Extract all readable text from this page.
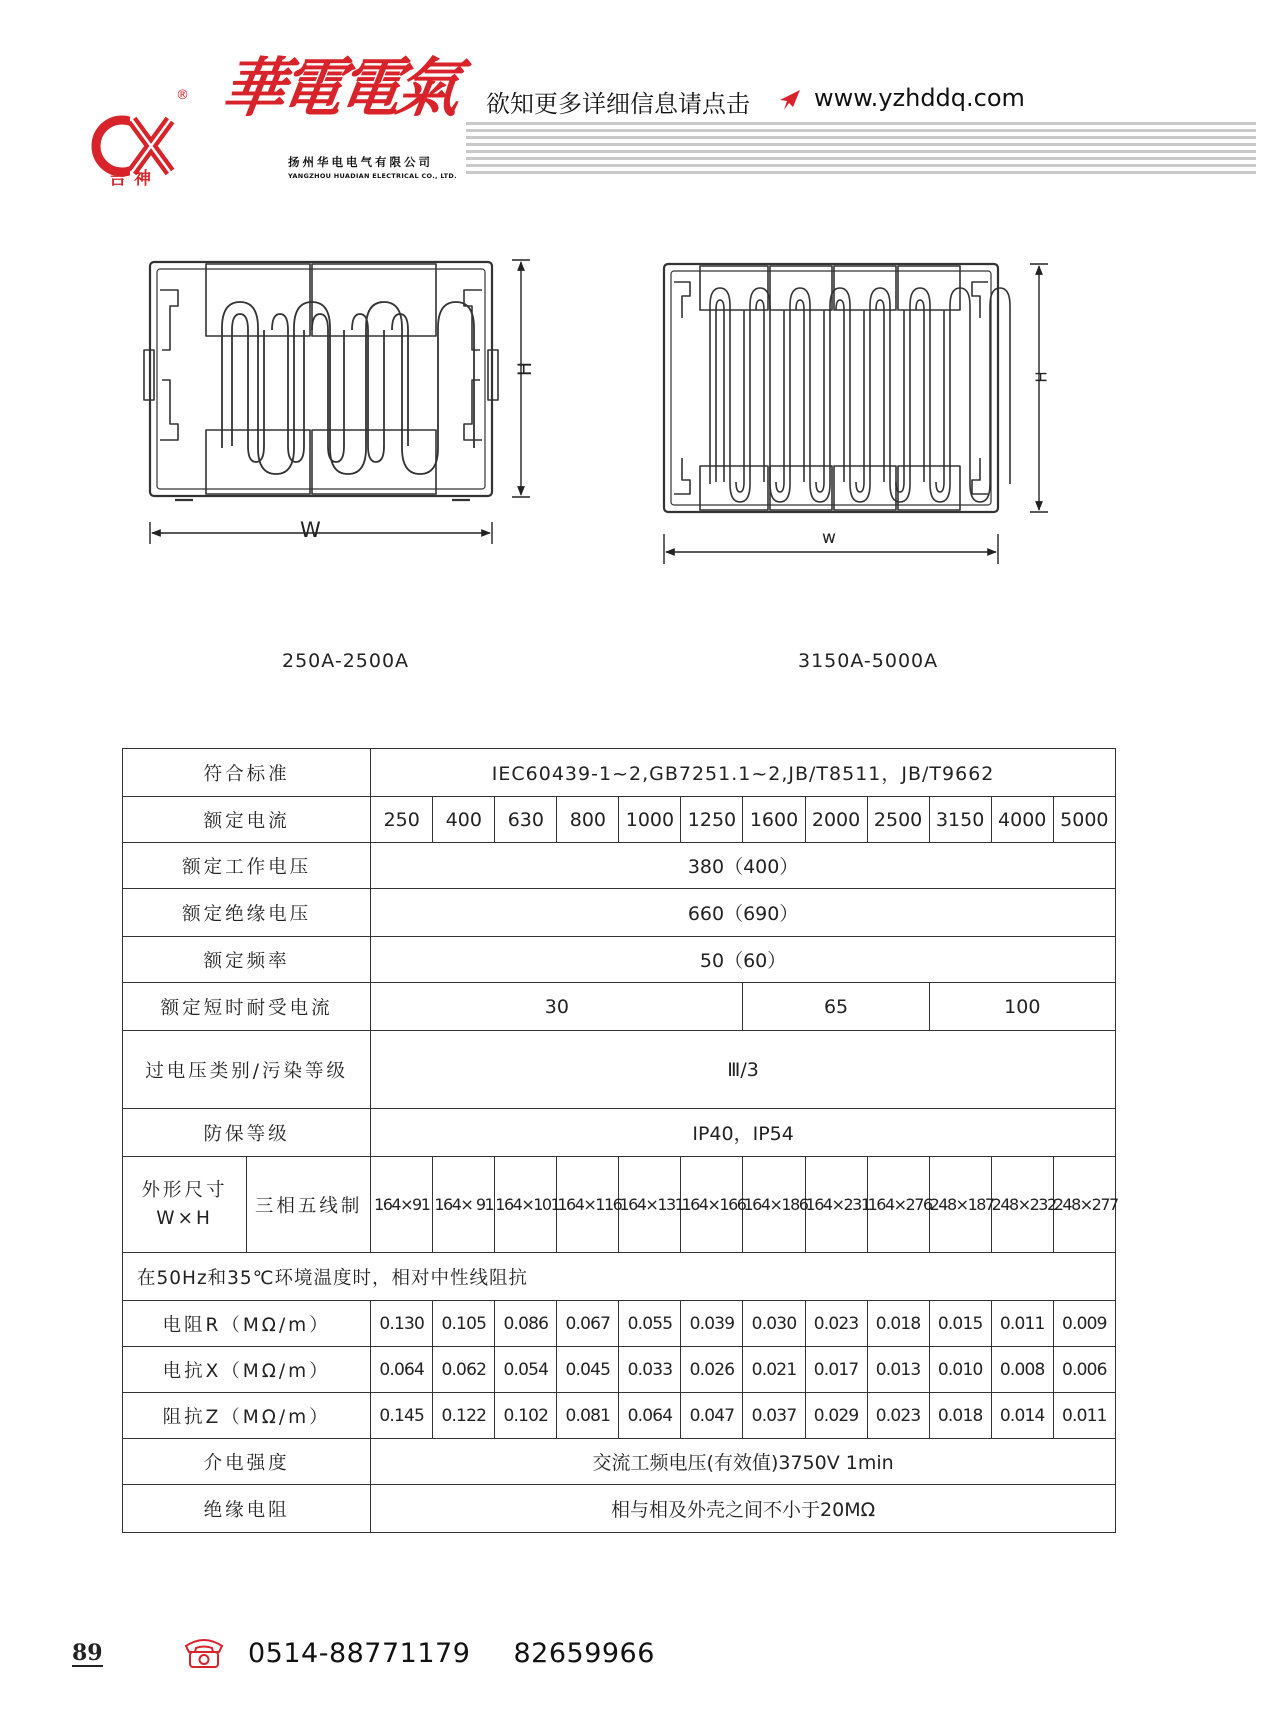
吉神
® 華電電氣
扬州华电电气有限公司
YANGZHOU HUADIAN ELECTRICAL CO., LTD.
欲知更多详细信息请点击	www.yzhddq.com
W
H
w
H
250A-2500A	3150A-5000A
符合标准		IEC60439-1~2,GB7251.1~2,JB/T8511，JB/T9662											
额定电流		250	400	630	800	1000	1250	1600	2000	2500	3150	4000	5000
额定工作电压		380（400）											
额定绝缘电压		660（690）											
额定频率		50（60）											
额定短时耐受电流		30						65			100		
过电压类别/污染等级		Ⅲ/3											
防保等级		IP40，IP54											

外形尺寸
W×H	三相五线制	164×91	164× 91	164×101	164×116	164×131	164×166	164×186	164×231	164×276	248×187	248×232	248×277
在50Hz和35℃环境温度时，相对中性线阻抗													
电阻R（MΩ/m）		0.130	0.105	0.086	0.067	0.055	0.039	0.030	0.023	0.018	0.015	0.011	0.009
电抗X（MΩ/m）		0.064	0.062	0.054	0.045	0.033	0.026	0.021	0.017	0.013	0.010	0.008	0.006
阻抗Z（MΩ/m）		0.145	0.122	0.102	0.081	0.064	0.047	0.037	0.029	0.023	0.018	0.014	0.011
介电强度		交流工频电压(有效值)3750V 1min											
绝缘电阻		相与相及外壳之间不小于20MΩ											
89	0514-88771179 82659966
